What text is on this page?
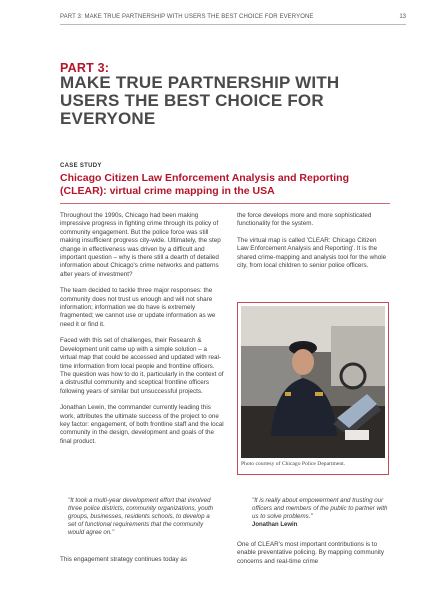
PART 3: MAKE TRUE PARTNERSHIP WITH USERS THE BEST CHOICE FOR EVERYONE	13
PART 3:
MAKE TRUE PARTNERSHIP WITH USERS THE BEST CHOICE FOR EVERYONE
CASE STUDY
Chicago Citizen Law Enforcement Analysis and Reporting (CLEAR): virtual crime mapping in the USA

Throughout the 1990s, Chicago had been making impressive progress in fighting crime through its policy of community engagement. But the police force was still making insufficient progress city-wide. Ultimately, the step change in effectiveness was driven by a difficult and important question – why is there still a dearth of detailed information about Chicago's crime networks and patterns after years of investment?

The team decided to tackle three major responses: the community does not trust us enough and will not share information; information we do have is extremely fragmented; we cannot use or update information as we need it or find it.

Faced with this set of challenges, their Research & Development unit came up with a simple solution – a virtual map that could be accessed and updated with real-time information from local people and frontline officers. The question was how to do it, particularly in the context of a distrustful community and sceptical frontline officers following years of similar but unsuccessful projects.

Jonathan Lewin, the commander currently leading this work, attributes the ultimate success of the project to one key factor: engagement, of both frontline staff and the local community in the design, development and goals of the final product.

the force develops more and more sophisticated functionality for the system.

The virtual map is called 'CLEAR: Chicago Citizen Law Enforcement Analysis and Reporting'. It is the shared crime-mapping and analysis tool for the whole city, from local children to senior police officers.

Photo courtesy of Chicago Police Department.
"It took a multi-year development effort that involved three police districts, community organizations, youth groups, businesses, residents schools, to develop a set of functional requirements that the community would agree on."
"It is really about empowerment and trusting our officers and members of the public to partner with us to solve problems."
Jonathan Lewin
This engagement strategy continues today as
One of CLEAR's most important contributions is to enable preventative policing. By mapping community concerns and real-time crime
